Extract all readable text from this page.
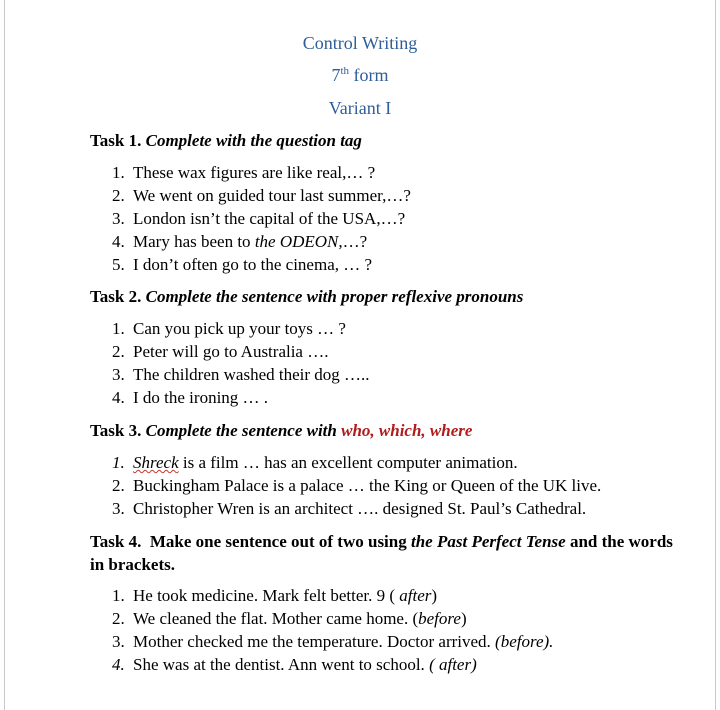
Control Writing
7th form
Variant I
Task 1. Complete with the question tag
1. These wax figures are like real,… ?
2. We went on guided tour last summer,…?
3. London isn’t the capital of the USA,…?
4. Mary has been to the ODEON,…?
5. I don’t often go to the cinema, … ?
Task 2. Complete the sentence with proper reflexive pronouns
1. Can you pick up your toys … ?
2. Peter will go to Australia ….
3. The children washed their dog …..
4. I do the ironing … .
Task 3. Complete the sentence with who, which, where
1. Shreck is a film … has an excellent computer animation.
2. Buckingham Palace is a palace … the King or Queen of the UK live.
3. Christopher Wren is an architect …. designed St. Paul’s Cathedral.
Task 4. Make one sentence out of two using the Past Perfect Tense and the words in brackets.
1. He took medicine. Mark felt better. 9 ( after)
2. We cleaned the flat. Mother came home. (before)
3. Mother checked me the temperature. Doctor arrived. (before).
4. She was at the dentist. Ann went to school. ( after)
